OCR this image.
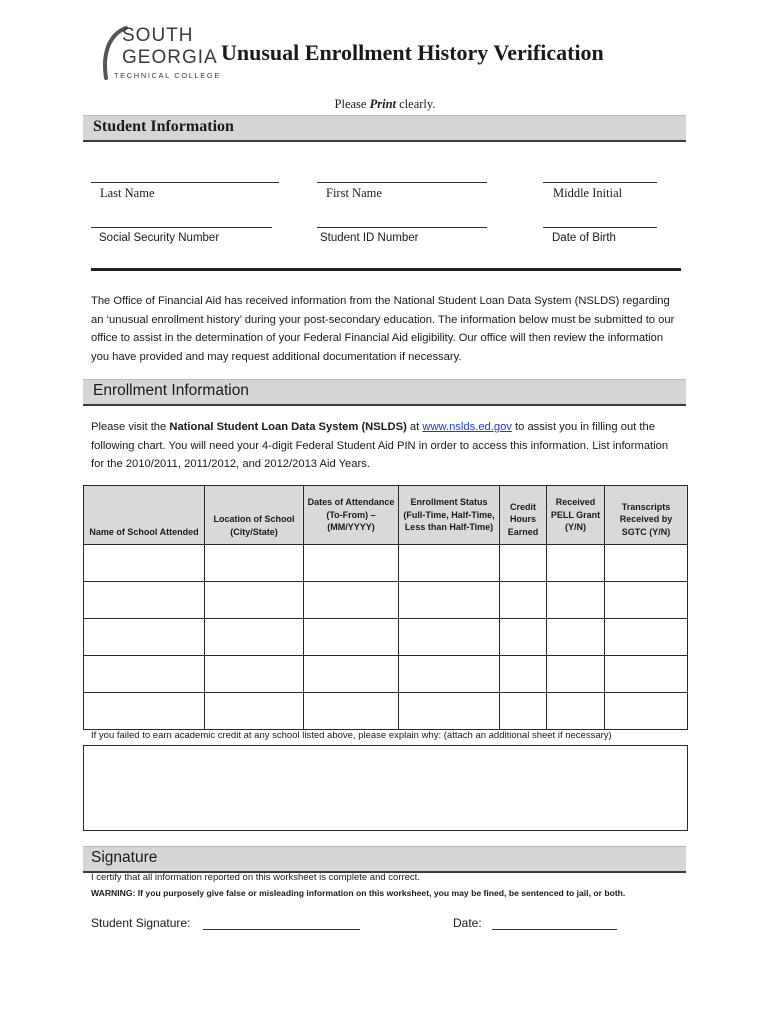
SOUTH
GEORGIA
TECHNICAL COLLEGE
Unusual Enrollment History Verification
Please Print clearly.
Student Information
Last Name	First Name	Middle Initial
Social Security Number	Student ID Number	Date of Birth
The Office of Financial Aid has received information from the National Student Loan Data System (NSLDS) regarding an ‘unusual enrollment history’ during your post-secondary education. The information below must be submitted to our office to assist in the determination of your Federal Financial Aid eligibility. Our office will then review the information you have provided and may request additional documentation if necessary.
Enrollment Information
Please visit the National Student Loan Data System (NSLDS) at www.nslds.ed.gov to assist you in filling out the following chart. You will need your 4-digit Federal Student Aid PIN in order to access this information. List information for the 2010/2011, 2011/2012, and 2012/2013 Aid Years.
Name of School Attended	Location of School (City/State)	Dates of Attendance (To-From) – (MM/YYYY)	Enrollment Status (Full-Time, Half-Time, Less than Half-Time)	Credit Hours Earned	Received PELL Grant (Y/N)	Transcripts Received by SGTC (Y/N)

If you failed to earn academic credit at any school listed above, please explain why: (attach an additional sheet if necessary)
Signature
I certify that all information reported on this worksheet is complete and correct.
WARNING: If you purposely give false or misleading information on this worksheet, you may be fined, be sentenced to jail, or both.
Student Signature:	Date:
